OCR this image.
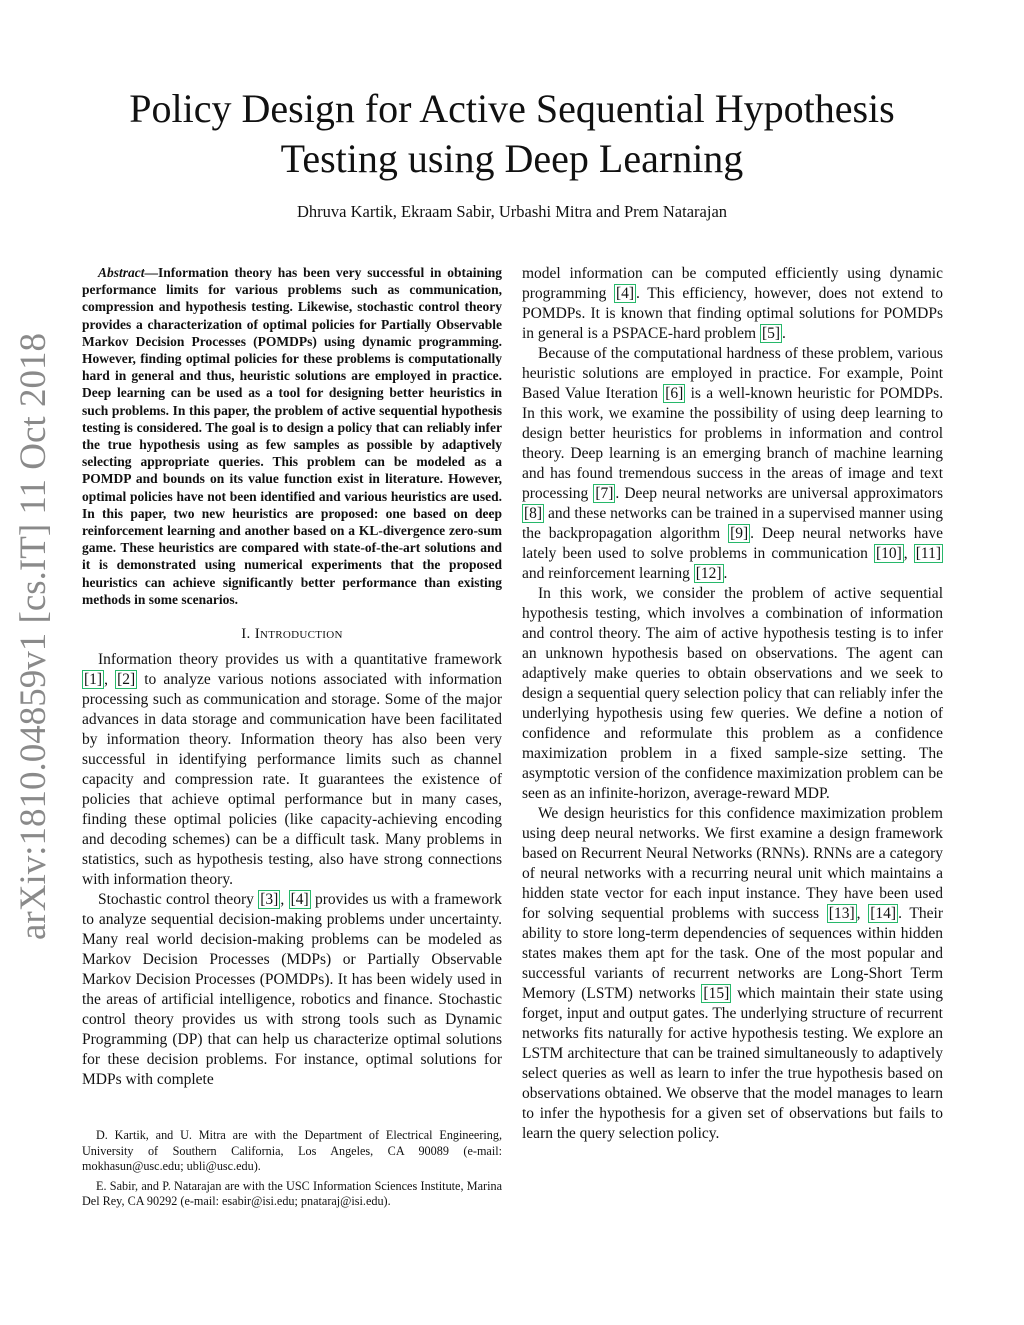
arXiv:1810.04859v1 [cs.IT] 11 Oct 2018
Policy Design for Active Sequential Hypothesis Testing using Deep Learning
Dhruva Kartik, Ekraam Sabir, Urbashi Mitra and Prem Natarajan

Abstract—Information theory has been very successful in obtaining performance limits for various problems such as communication, compression and hypothesis testing. Likewise, stochastic control theory provides a characterization of optimal policies for Partially Observable Markov Decision Processes (POMDPs) using dynamic programming. However, finding optimal policies for these problems is computationally hard in general and thus, heuristic solutions are employed in practice. Deep learning can be used as a tool for designing better heuristics in such problems. In this paper, the problem of active sequential hypothesis testing is considered. The goal is to design a policy that can reliably infer the true hypothesis using as few samples as possible by adaptively selecting appropriate queries. This problem can be modeled as a POMDP and bounds on its value function exist in literature. However, optimal policies have not been identified and various heuristics are used. In this paper, two new heuristics are proposed: one based on deep reinforcement learning and another based on a KL-divergence zero-sum game. These heuristics are compared with state-of-the-art solutions and it is demonstrated using numerical experiments that the proposed heuristics can achieve significantly better performance than existing methods in some scenarios.

I. Introduction

Information theory provides us with a quantitative framework [1] , [2] to analyze various notions associated with information processing such as communication and storage. Some of the major advances in data storage and communication have been facilitated by information theory. Information theory has also been very successful in identifying performance limits such as channel capacity and compression rate. It guarantees the existence of policies that achieve optimal performance but in many cases, finding these optimal policies (like capacity-achieving encoding and decoding schemes) can be a difficult task. Many problems in statistics, such as hypothesis testing, also have strong connections with information theory.

Stochastic control theory [3] , [4] provides us with a framework to analyze sequential decision-making problems under uncertainty. Many real world decision-making problems can be modeled as Markov Decision Processes (MDPs) or Partially Observable Markov Decision Processes (POMDPs). It has been widely used in the areas of artificial intelligence, robotics and finance. Stochastic control theory provides us with strong tools such as Dynamic Programming (DP) that can help us characterize optimal solutions for these decision problems. For instance, optimal solutions for MDPs with complete

D. Kartik, and U. Mitra are with the Department of Electrical Engineering, University of Southern California, Los Angeles, CA 90089 (e-mail: mokhasun@usc.edu; ubli@usc.edu).

E. Sabir, and P. Natarajan are with the USC Information Sciences Institute, Marina Del Rey, CA 90292 (e-mail: esabir@isi.edu; pnataraj@isi.edu).

model information can be computed efficiently using dynamic programming [4] . This efficiency, however, does not extend to POMDPs. It is known that finding optimal solutions for POMDPs in general is a PSPACE-hard problem [5] .

Because of the computational hardness of these problem, various heuristic solutions are employed in practice. For example, Point Based Value Iteration [6] is a well-known heuristic for POMDPs. In this work, we examine the possibility of using deep learning to design better heuristics for problems in information and control theory. Deep learning is an emerging branch of machine learning and has found tremendous success in the areas of image and text processing [7] . Deep neural networks are universal approximators [8] and these networks can be trained in a supervised manner using the backpropagation algorithm [9] . Deep neural networks have lately been used to solve problems in communication [10] , [11] and reinforcement learning [12] .

In this work, we consider the problem of active sequential hypothesis testing, which involves a combination of information and control theory. The aim of active hypothesis testing is to infer an unknown hypothesis based on observations. The agent can adaptively make queries to obtain observations and we seek to design a sequential query selection policy that can reliably infer the underlying hypothesis using few queries. We define a notion of confidence and reformulate this problem as a confidence maximization problem in a fixed sample-size setting. The asymptotic version of the confidence maximization problem can be seen as an infinite-horizon, average-reward MDP.

We design heuristics for this confidence maximization problem using deep neural networks. We first examine a design framework based on Recurrent Neural Networks (RNNs). RNNs are a category of neural networks with a recurring neural unit which maintains a hidden state vector for each input instance. They have been used for solving sequential problems with success [13] , [14] . Their ability to store long-term dependencies of sequences within hidden states makes them apt for the task. One of the most popular and successful variants of recurrent networks are Long-Short Term Memory (LSTM) networks [15] which maintain their state using forget, input and output gates. The underlying structure of recurrent networks fits naturally for active hypothesis testing. We explore an LSTM architecture that can be trained simultaneously to adaptively select queries as well as learn to infer the true hypothesis based on observations obtained. We observe that the model manages to learn to infer the hypothesis for a given set of observations but fails to learn the query selection policy.
